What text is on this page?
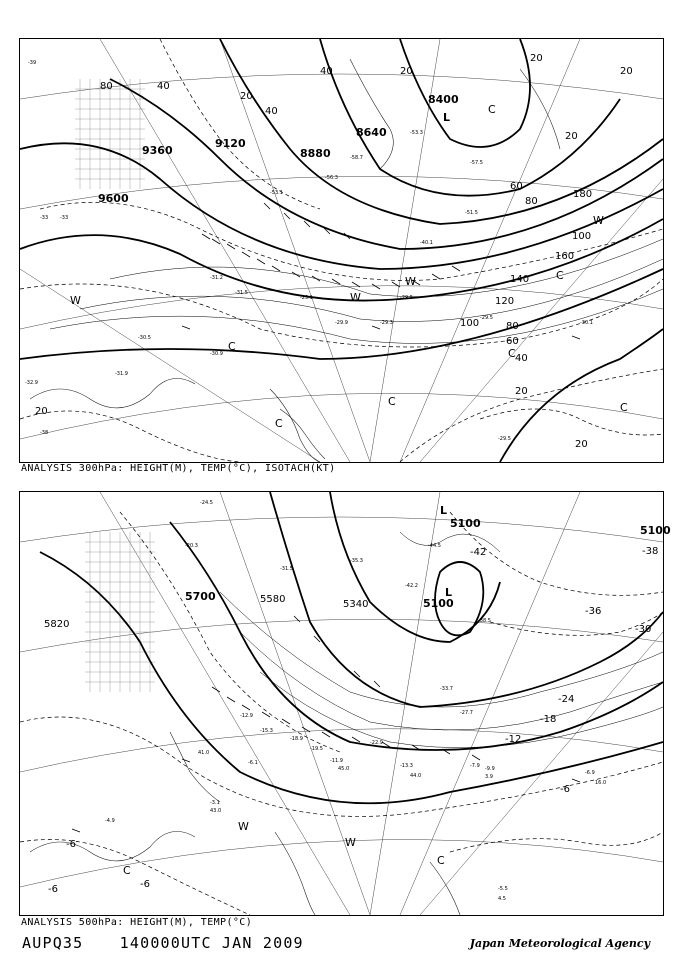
9600
9360
9120
8880
8640
8400
80	40
40
20
20
20
40
20
20
60
80
100
120
140
160
180
100	80
60
40
20
20
20
-39
-53.3
-58.7
-56.3
-57.5
-53.1
-51.5
-40.1
-31.2
-31.5
-29.1	-29.5
-29.9	-29.3
-29.5
-30.1
-30.5
-30.9
-31.9
-32.9
-33 -33
-38
-29.5
L
W	W
W
C
C
C
C
C
C
W
C
ANALYSIS 300hPa: HEIGHT(M), TEMP(°C), ISOTACH(KT)
5820
5700	5580	5340
5100
5100
5100
-42
-36
-30
-24
-18
-12
-6
-6
-6
-6
-38
-24.5
-20.3
-31.5
-35.3
-42.2
-44.5
-38.5
-33.7
-27.7
-22.9
-13.3	-9.9
-6.9
-5.5
-3.1
-4.9
-12.9
-15.3
-18.9
-19.5
-11.9
-7.9
-6.1
4.5
3.9
16.0
44.0
45.0
41.0
43.0
L
L
W
W
C
C
ANALYSIS 500hPa: HEIGHT(M), TEMP(°C)
AUPQ35 140000UTC JAN 2009	Japan Meteorological Agency
